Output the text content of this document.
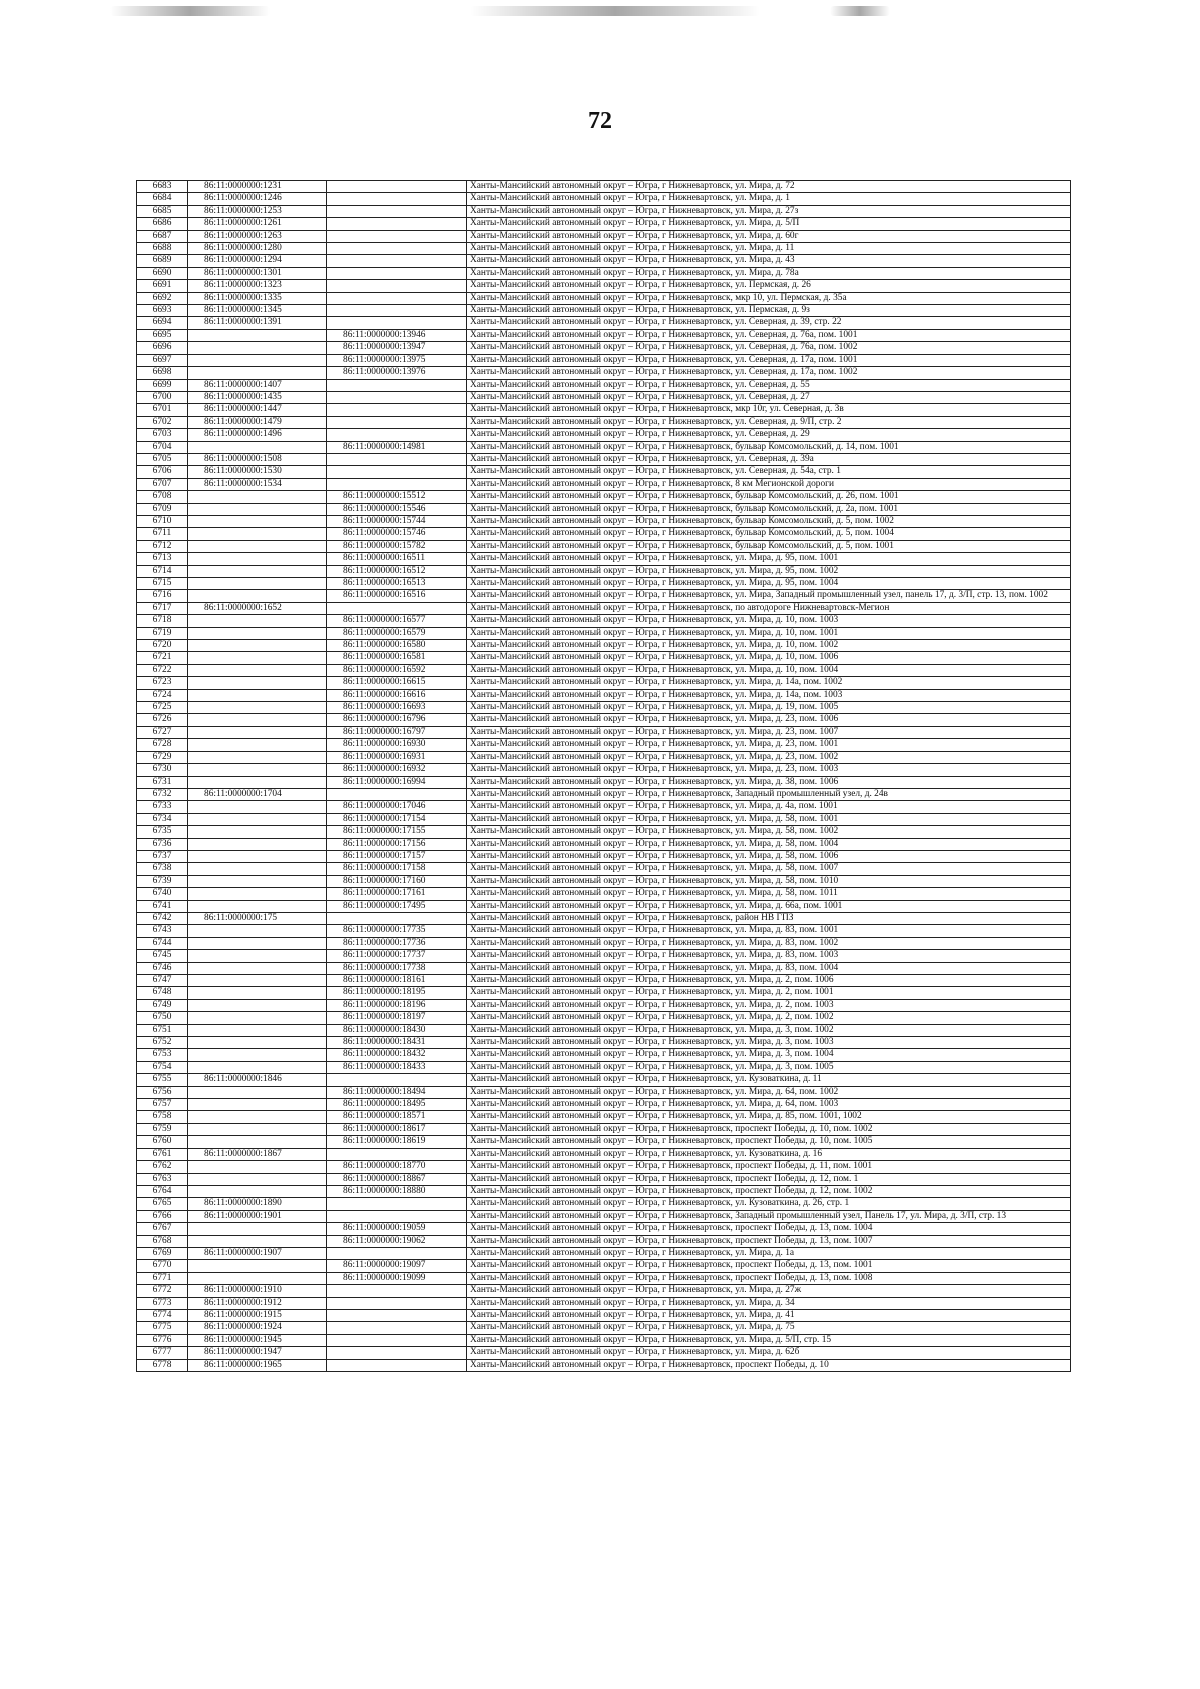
72
6683	86:11:0000000:1231		Ханты-Мансийский автономный округ – Югра, г Нижневартовск, ул. Мира, д. 72
6684	86:11:0000000:1246		Ханты-Мансийский автономный округ – Югра, г Нижневартовск, ул. Мира, д. 1
6685	86:11:0000000:1253		Ханты-Мансийский автономный округ – Югра, г Нижневартовск, ул. Мира, д. 27з
6686	86:11:0000000:1261		Ханты-Мансийский автономный округ – Югра, г Нижневартовск, ул. Мира, д. 5/П
6687	86:11:0000000:1263		Ханты-Мансийский автономный округ – Югра, г Нижневартовск, ул. Мира, д. 60г
6688	86:11:0000000:1280		Ханты-Мансийский автономный округ – Югра, г Нижневартовск, ул. Мира, д. 11
6689	86:11:0000000:1294		Ханты-Мансийский автономный округ – Югра, г Нижневартовск, ул. Мира, д. 43
6690	86:11:0000000:1301		Ханты-Мансийский автономный округ – Югра, г Нижневартовск, ул. Мира, д. 78а
6691	86:11:0000000:1323		Ханты-Мансийский автономный округ – Югра, г Нижневартовск, ул. Пермская, д. 26
6692	86:11:0000000:1335		Ханты-Мансийский автономный округ – Югра, г Нижневартовск, мкр 10, ул. Пермская, д. 35а
6693	86:11:0000000:1345		Ханты-Мансийский автономный округ – Югра, г Нижневартовск, ул. Пермская, д. 9з
6694	86:11:0000000:1391		Ханты-Мансийский автономный округ – Югра, г Нижневартовск, ул. Северная, д. 39, стр. 22
6695		86:11:0000000:13946	Ханты-Мансийский автономный округ – Югра, г Нижневартовск, ул. Северная, д. 76а, пом. 1001
6696		86:11:0000000:13947	Ханты-Мансийский автономный округ – Югра, г Нижневартовск, ул. Северная, д. 76а, пом. 1002
6697		86:11:0000000:13975	Ханты-Мансийский автономный округ – Югра, г Нижневартовск, ул. Северная, д. 17а, пом. 1001
6698		86:11:0000000:13976	Ханты-Мансийский автономный округ – Югра, г Нижневартовск, ул. Северная, д. 17а, пом. 1002
6699	86:11:0000000:1407		Ханты-Мансийский автономный округ – Югра, г Нижневартовск, ул. Северная, д. 55
6700	86:11:0000000:1435		Ханты-Мансийский автономный округ – Югра, г Нижневартовск, ул. Северная, д. 27
6701	86:11:0000000:1447		Ханты-Мансийский автономный округ – Югра, г Нижневартовск, мкр 10г, ул. Северная, д. 3в
6702	86:11:0000000:1479		Ханты-Мансийский автономный округ – Югра, г Нижневартовск, ул. Северная, д. 9/П, стр. 2
6703	86:11:0000000:1496		Ханты-Мансийский автономный округ – Югра, г Нижневартовск, ул. Северная, д. 29
6704		86:11:0000000:14981	Ханты-Мансийский автономный округ – Югра, г Нижневартовск, бульвар Комсомольский, д. 14, пом. 1001
6705	86:11:0000000:1508		Ханты-Мансийский автономный округ – Югра, г Нижневартовск, ул. Северная, д. 39а
6706	86:11:0000000:1530		Ханты-Мансийский автономный округ – Югра, г Нижневартовск, ул. Северная, д. 54а, стр. 1
6707	86:11:0000000:1534		Ханты-Мансийский автономный округ – Югра, г Нижневартовск, 8 км Мегионской дороги
6708		86:11:0000000:15512	Ханты-Мансийский автономный округ – Югра, г Нижневартовск, бульвар Комсомольский, д. 26, пом. 1001
6709		86:11:0000000:15546	Ханты-Мансийский автономный округ – Югра, г Нижневартовск, бульвар Комсомольский, д. 2а, пом. 1001
6710		86:11:0000000:15744	Ханты-Мансийский автономный округ – Югра, г Нижневартовск, бульвар Комсомольский, д. 5, пом. 1002
6711		86:11:0000000:15746	Ханты-Мансийский автономный округ – Югра, г Нижневартовск, бульвар Комсомольский, д. 5, пом. 1004
6712		86:11:0000000:15782	Ханты-Мансийский автономный округ – Югра, г Нижневартовск, бульвар Комсомольский, д. 5, пом. 1001
6713		86:11:0000000:16511	Ханты-Мансийский автономный округ – Югра, г Нижневартовск, ул. Мира, д. 95, пом. 1001
6714		86:11:0000000:16512	Ханты-Мансийский автономный округ – Югра, г Нижневартовск, ул. Мира, д. 95, пом. 1002
6715		86:11:0000000:16513	Ханты-Мансийский автономный округ – Югра, г Нижневартовск, ул. Мира, д. 95, пом. 1004
6716		86:11:0000000:16516	Ханты-Мансийский автономный округ – Югра, г Нижневартовск, ул. Мира, Западный промышленный узел, панель 17, д. 3/П, стр. 13, пом. 1002
6717	86:11:0000000:1652		Ханты-Мансийский автономный округ – Югра, г Нижневартовск, по автодороге Нижневартовск-Мегион
6718		86:11:0000000:16577	Ханты-Мансийский автономный округ – Югра, г Нижневартовск, ул. Мира, д. 10, пом. 1003
6719		86:11:0000000:16579	Ханты-Мансийский автономный округ – Югра, г Нижневартовск, ул. Мира, д. 10, пом. 1001
6720		86:11:0000000:16580	Ханты-Мансийский автономный округ – Югра, г Нижневартовск, ул. Мира, д. 10, пом. 1002
6721		86:11:0000000:16581	Ханты-Мансийский автономный округ – Югра, г Нижневартовск, ул. Мира, д. 10, пом. 1006
6722		86:11:0000000:16592	Ханты-Мансийский автономный округ – Югра, г Нижневартовск, ул. Мира, д. 10, пом. 1004
6723		86:11:0000000:16615	Ханты-Мансийский автономный округ – Югра, г Нижневартовск, ул. Мира, д. 14а, пом. 1002
6724		86:11:0000000:16616	Ханты-Мансийский автономный округ – Югра, г Нижневартовск, ул. Мира, д. 14а, пом. 1003
6725		86:11:0000000:16693	Ханты-Мансийский автономный округ – Югра, г Нижневартовск, ул. Мира, д. 19, пом. 1005
6726		86:11:0000000:16796	Ханты-Мансийский автономный округ – Югра, г Нижневартовск, ул. Мира, д. 23, пом. 1006
6727		86:11:0000000:16797	Ханты-Мансийский автономный округ – Югра, г Нижневартовск, ул. Мира, д. 23, пом. 1007
6728		86:11:0000000:16930	Ханты-Мансийский автономный округ – Югра, г Нижневартовск, ул. Мира, д. 23, пом. 1001
6729		86:11:0000000:16931	Ханты-Мансийский автономный округ – Югра, г Нижневартовск, ул. Мира, д. 23, пом. 1002
6730		86:11:0000000:16932	Ханты-Мансийский автономный округ – Югра, г Нижневартовск, ул. Мира, д. 23, пом. 1003
6731		86:11:0000000:16994	Ханты-Мансийский автономный округ – Югра, г Нижневартовск, ул. Мира, д. 38, пом. 1006
6732	86:11:0000000:1704		Ханты-Мансийский автономный округ – Югра, г Нижневартовск, Западный промышленный узел, д. 24в
6733		86:11:0000000:17046	Ханты-Мансийский автономный округ – Югра, г Нижневартовск, ул. Мира, д. 4а, пом. 1001
6734		86:11:0000000:17154	Ханты-Мансийский автономный округ – Югра, г Нижневартовск, ул. Мира, д. 58, пом. 1001
6735		86:11:0000000:17155	Ханты-Мансийский автономный округ – Югра, г Нижневартовск, ул. Мира, д. 58, пом. 1002
6736		86:11:0000000:17156	Ханты-Мансийский автономный округ – Югра, г Нижневартовск, ул. Мира, д. 58, пом. 1004
6737		86:11:0000000:17157	Ханты-Мансийский автономный округ – Югра, г Нижневартовск, ул. Мира, д. 58, пом. 1006
6738		86:11:0000000:17158	Ханты-Мансийский автономный округ – Югра, г Нижневартовск, ул. Мира, д. 58, пом. 1007
6739		86:11:0000000:17160	Ханты-Мансийский автономный округ – Югра, г Нижневартовск, ул. Мира, д. 58, пом. 1010
6740		86:11:0000000:17161	Ханты-Мансийский автономный округ – Югра, г Нижневартовск, ул. Мира, д. 58, пом. 1011
6741		86:11:0000000:17495	Ханты-Мансийский автономный округ – Югра, г Нижневартовск, ул. Мира, д. 66а, пом. 1001
6742	86:11:0000000:175		Ханты-Мансийский автономный округ – Югра, г Нижневартовск, район НВ ГПЗ
6743		86:11:0000000:17735	Ханты-Мансийский автономный округ – Югра, г Нижневартовск, ул. Мира, д. 83, пом. 1001
6744		86:11:0000000:17736	Ханты-Мансийский автономный округ – Югра, г Нижневартовск, ул. Мира, д. 83, пом. 1002
6745		86:11:0000000:17737	Ханты-Мансийский автономный округ – Югра, г Нижневартовск, ул. Мира, д. 83, пом. 1003
6746		86:11:0000000:17738	Ханты-Мансийский автономный округ – Югра, г Нижневартовск, ул. Мира, д. 83, пом. 1004
6747		86:11:0000000:18161	Ханты-Мансийский автономный округ – Югра, г Нижневартовск, ул. Мира, д. 2, пом. 1006
6748		86:11:0000000:18195	Ханты-Мансийский автономный округ – Югра, г Нижневартовск, ул. Мира, д. 2, пом. 1001
6749		86:11:0000000:18196	Ханты-Мансийский автономный округ – Югра, г Нижневартовск, ул. Мира, д. 2, пом. 1003
6750		86:11:0000000:18197	Ханты-Мансийский автономный округ – Югра, г Нижневартовск, ул. Мира, д. 2, пом. 1002
6751		86:11:0000000:18430	Ханты-Мансийский автономный округ – Югра, г Нижневартовск, ул. Мира, д. 3, пом. 1002
6752		86:11:0000000:18431	Ханты-Мансийский автономный округ – Югра, г Нижневартовск, ул. Мира, д. 3, пом. 1003
6753		86:11:0000000:18432	Ханты-Мансийский автономный округ – Югра, г Нижневартовск, ул. Мира, д. 3, пом. 1004
6754		86:11:0000000:18433	Ханты-Мансийский автономный округ – Югра, г Нижневартовск, ул. Мира, д. 3, пом. 1005
6755	86:11:0000000:1846		Ханты-Мансийский автономный округ – Югра, г Нижневартовск, ул. Кузоваткина, д. 11
6756		86:11:0000000:18494	Ханты-Мансийский автономный округ – Югра, г Нижневартовск, ул. Мира, д. 64, пом. 1002
6757		86:11:0000000:18495	Ханты-Мансийский автономный округ – Югра, г Нижневартовск, ул. Мира, д. 64, пом. 1003
6758		86:11:0000000:18571	Ханты-Мансийский автономный округ – Югра, г Нижневартовск, ул. Мира, д. 85, пом. 1001, 1002
6759		86:11:0000000:18617	Ханты-Мансийский автономный округ – Югра, г Нижневартовск, проспект Победы, д. 10, пом. 1002
6760		86:11:0000000:18619	Ханты-Мансийский автономный округ – Югра, г Нижневартовск, проспект Победы, д. 10, пом. 1005
6761	86:11:0000000:1867		Ханты-Мансийский автономный округ – Югра, г Нижневартовск, ул. Кузоваткина, д. 16
6762		86:11:0000000:18770	Ханты-Мансийский автономный округ – Югра, г Нижневартовск, проспект Победы, д. 11, пом. 1001
6763		86:11:0000000:18867	Ханты-Мансийский автономный округ – Югра, г Нижневартовск, проспект Победы, д. 12, пом. 1
6764		86:11:0000000:18880	Ханты-Мансийский автономный округ – Югра, г Нижневартовск, проспект Победы, д. 12, пом. 1002
6765	86:11:0000000:1890		Ханты-Мансийский автономный округ – Югра, г Нижневартовск, ул. Кузоваткина, д. 26, стр. 1
6766	86:11:0000000:1901		Ханты-Мансийский автономный округ – Югра, г Нижневартовск, Западный промышленный узел, Панель 17, ул. Мира, д. 3/П, стр. 13
6767		86:11:0000000:19059	Ханты-Мансийский автономный округ – Югра, г Нижневартовск, проспект Победы, д. 13, пом. 1004
6768		86:11:0000000:19062	Ханты-Мансийский автономный округ – Югра, г Нижневартовск, проспект Победы, д. 13, пом. 1007
6769	86:11:0000000:1907		Ханты-Мансийский автономный округ – Югра, г Нижневартовск, ул. Мира, д. 1а
6770		86:11:0000000:19097	Ханты-Мансийский автономный округ – Югра, г Нижневартовск, проспект Победы, д. 13, пом. 1001
6771		86:11:0000000:19099	Ханты-Мансийский автономный округ – Югра, г Нижневартовск, проспект Победы, д. 13, пом. 1008
6772	86:11:0000000:1910		Ханты-Мансийский автономный округ – Югра, г Нижневартовск, ул. Мира, д. 27ж
6773	86:11:0000000:1912		Ханты-Мансийский автономный округ – Югра, г Нижневартовск, ул. Мира, д. 34
6774	86:11:0000000:1915		Ханты-Мансийский автономный округ – Югра, г Нижневартовск, ул. Мира, д. 41
6775	86:11:0000000:1924		Ханты-Мансийский автономный округ – Югра, г Нижневартовск, ул. Мира, д. 75
6776	86:11:0000000:1945		Ханты-Мансийский автономный округ – Югра, г Нижневартовск, ул. Мира, д. 5/П, стр. 15
6777	86:11:0000000:1947		Ханты-Мансийский автономный округ – Югра, г Нижневартовск, ул. Мира, д. 62б
6778	86:11:0000000:1965		Ханты-Мансийский автономный округ – Югра, г Нижневартовск, проспект Победы, д. 10
